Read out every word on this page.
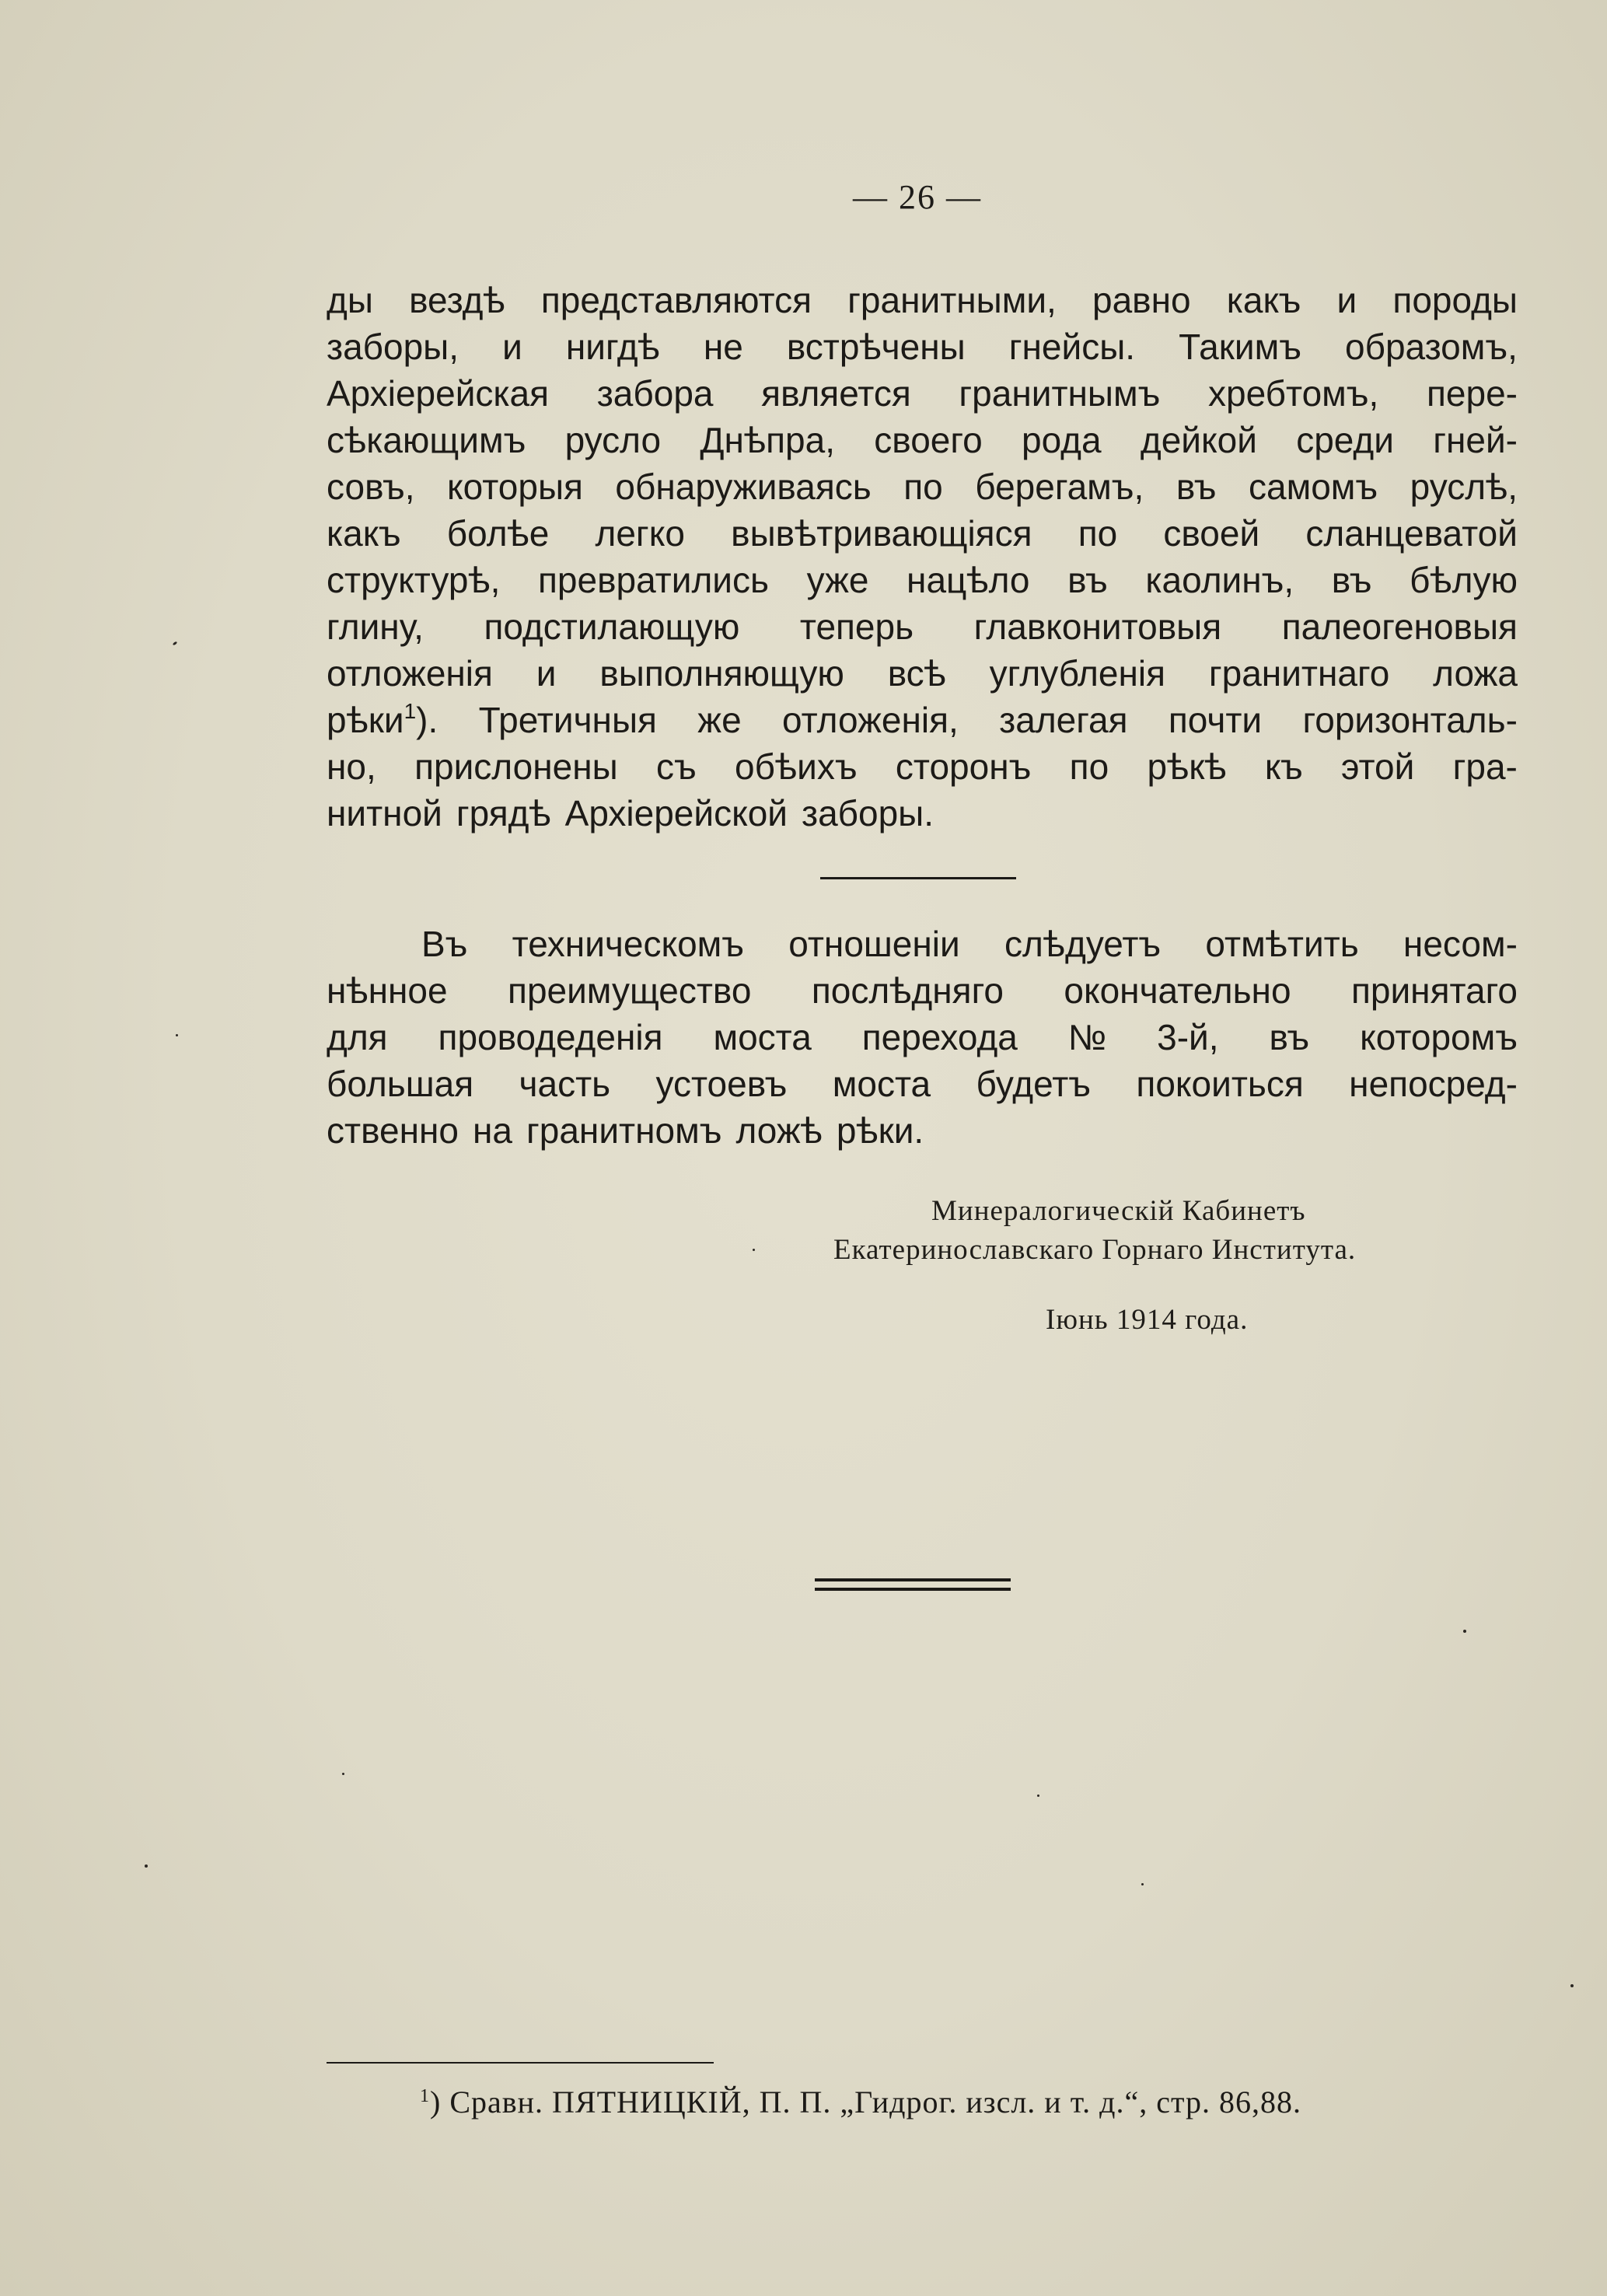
— 26 —
ды вездѣ представляются гранитными, равно какъ и породы
заборы, и нигдѣ не встрѣчены гнейсы. Такимъ образомъ,
Архіерейская забора является гранитнымъ хребтомъ, пере-
сѣкающимъ русло Днѣпра, своего рода дейкой среди гней-
совъ, которыя обнаруживаясь по берегамъ, въ самомъ руслѣ,
какъ болѣе легко вывѣтривающіяся по своей сланцеватой
структурѣ, превратились уже нацѣло въ каолинъ, въ бѣлую
глину, подстилающую теперь главконитовыя палеогеновыя
отложенія и выполняющую всѣ углубленія гранитнаго ложа
рѣки$^1$). Третичныя же отложенія, залегая почти горизонталь-
но, прислонены съ обѣихъ сторонъ по рѣкѣ къ этой гра-
нитной грядѣ Архіерейской заборы.
Въ техническомъ отношеніи слѣдуетъ отмѣтить несом-
нѣнное преимущество послѣдняго окончательно принятаго
для проводеденія моста перехода № 3-й, въ которомъ
большая часть устоевъ моста будетъ покоиться непосред-
ственно на гранитномъ ложѣ рѣки.
Минералогическій Кабинетъ
Екатеринославскаго Горнаго Института.
Іюнь 1914 года.
$^1$) Сравн. ПЯТНИЦКІЙ, П. П. „Гидрог. изсл. и т. д.“, стр. 86,88.
